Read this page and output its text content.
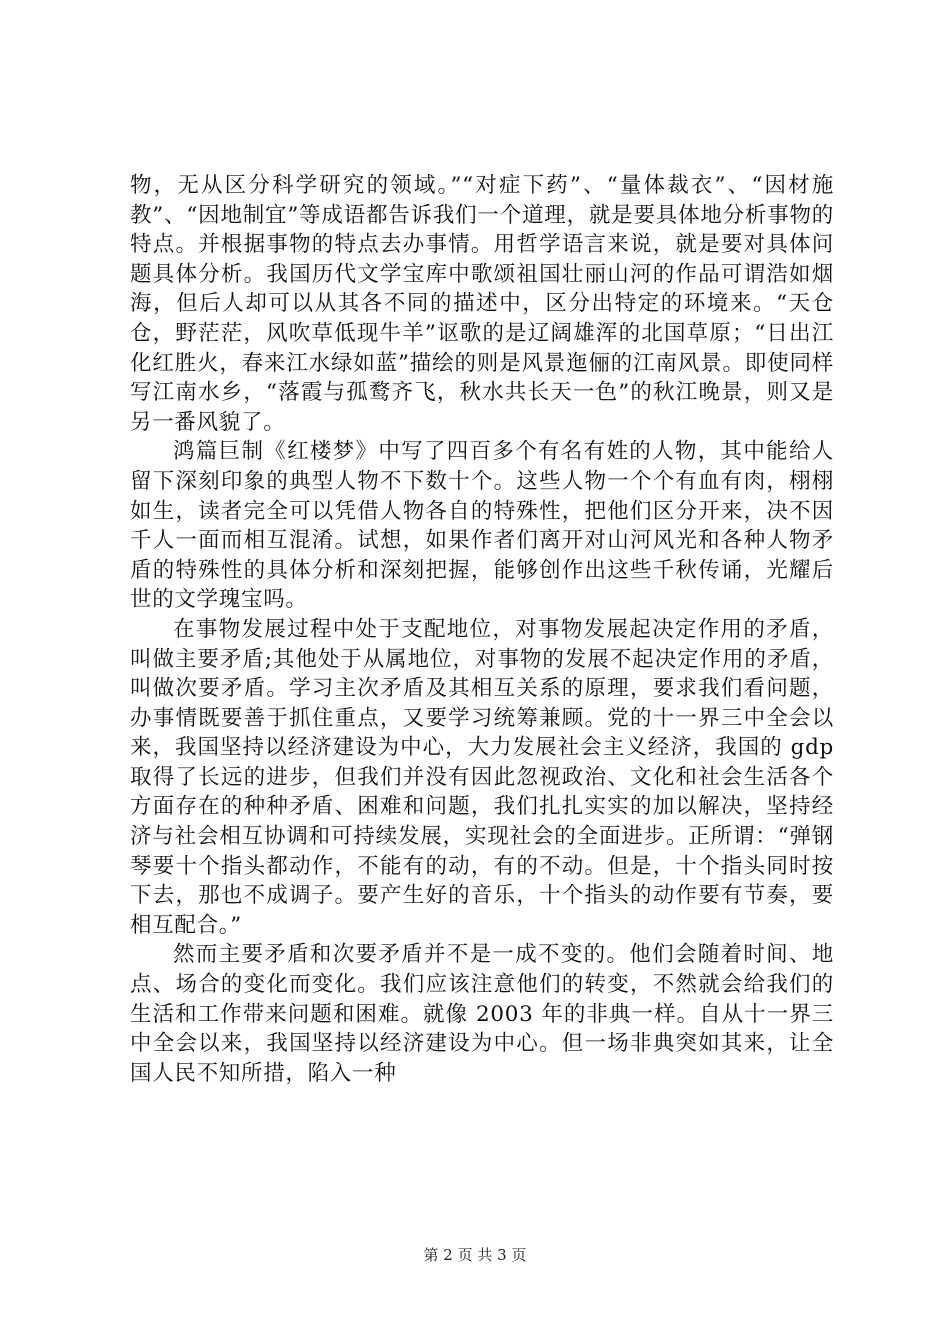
物，无从区分科学研究的领域。”“对症下药”、“量体裁衣”、“因材施教”、“因地制宜”等成语都告诉我们一个道理，就是要具体地分析事物的特点。并根据事物的特点去办事情。用哲学语言来说，就是要对具体问题具体分析。我国历代文学宝库中歌颂祖国壮丽山河的作品可谓浩如烟海，但后人却可以从其各不同的描述中，区分出特定的环境来。“天仓仓，野茫茫，风吹草低现牛羊”讴歌的是辽阔雄浑的北国草原；“日出江化红胜火，春来江水绿如蓝”描绘的则是风景迤俪的江南风景。即使同样写江南水乡，“落霞与孤鹜齐飞，秋水共长天一色”的秋江晚景，则又是另一番风貌了。

鸿篇巨制《红楼梦》中写了四百多个有名有姓的人物，其中能给人留下深刻印象的典型人物不下数十个。这些人物一个个有血有肉，栩栩如生，读者完全可以凭借人物各自的特殊性，把他们区分开来，决不因千人一面而相互混淆。试想，如果作者们离开对山河风光和各种人物矛盾的特殊性的具体分析和深刻把握，能够创作出这些千秋传诵，光耀后世的文学瑰宝吗。

在事物发展过程中处于支配地位，对事物发展起决定作用的矛盾，叫做主要矛盾;其他处于从属地位，对事物的发展不起决定作用的矛盾，叫做次要矛盾。学习主次矛盾及其相互关系的原理，要求我们看问题，办事情既要善于抓住重点，又要学习统筹兼顾。党的十一界三中全会以来，我国坚持以经济建设为中心，大力发展社会主义经济，我国的 gdp 取得了长远的进步，但我们并没有因此忽视政治、文化和社会生活各个方面存在的种种矛盾、困难和问题，我们扎扎实实的加以解决，坚持经济与社会相互协调和可持续发展，实现社会的全面进步。正所谓：“弹钢琴要十个指头都动作，不能有的动，有的不动。但是，十个指头同时按下去，那也不成调子。要产生好的音乐，十个指头的动作要有节奏，要相互配合。”

然而主要矛盾和次要矛盾并不是一成不变的。他们会随着时间、地点、场合的变化而变化。我们应该注意他们的转变，不然就会给我们的生活和工作带来问题和困难。就像 2003 年的非典一样。自从十一界三中全会以来，我国坚持以经济建设为中心。但一场非典突如其来，让全国人民不知所措，陷入一种

第 2 页 共 3 页
